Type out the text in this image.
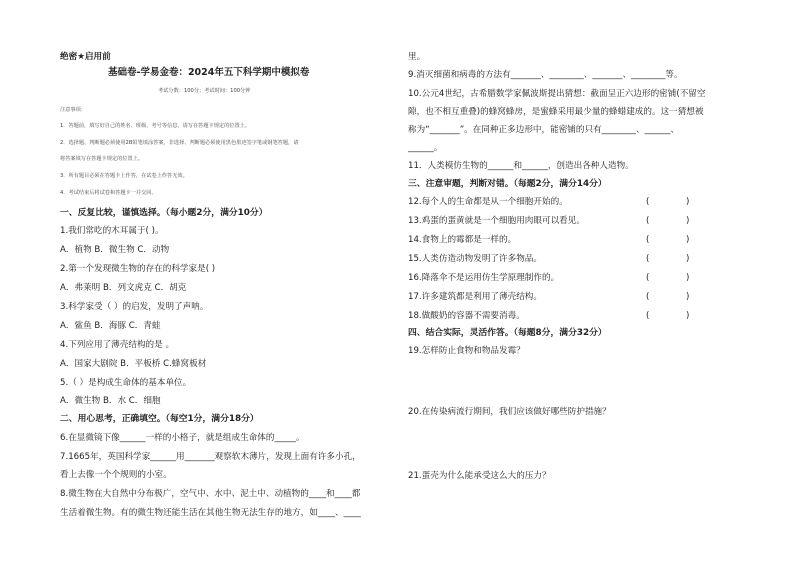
绝密★启用前
基础卷-学易金卷：2024年五下科学期中模拟卷
考试分数：100分；考试时间：100分钟
注意事项：
1．答题前，填写好自己的姓名、班级、考号等信息，请写在答题卡规定的位置上。
2．选择题、判断题必须使用2B铅笔填涂答案，非选择、判断题必须使用黑色墨迹签字笔或钢笔答题，请
将答案填写在答题卡规定的位置上。
3．所有题目必须在答题卡上作答，在试卷上作答无效。
4．考试结束后将试卷和答题卡一并交回。
一、反复比较，谨慎选择。（每小题2分，满分10分）
1.我们常吃的木耳属于( )。
A．植物 B．微生物 C．动物
2.第一个发现微生物的存在的科学家是( )
A．弗莱明 B．列文虎克 C．胡克
3.科学家受（ ）的启发，发明了声呐。
A．鲨鱼 B．海豚 C．青蛙
4.下列应用了薄壳结构的是 。
A．国家大剧院 B．平板桥 C.蜂窝板材
5.（ ）是构成生命体的基本单位。
A．微生物 B．水 C．细胞
二、用心思考，正确填空。（每空1分，满分18分）
6.在显微镜下像______一样的小格子，就是组成生命体的_____。
7.1665年，英国科学家______用_______观察软木薄片，发现上面有许多小孔，
看上去像一个个规则的小室。
8.微生物在大自然中分布极广，空气中、水中、泥土中、动植物的____和____都
生活着微生物。有的微生物还能生活在其他生物无法生存的地方，如____、____
里。
9.消灭细菌和病毒的方法有_______、________、_______、________等。
10.公元4世纪，古希腊数学家佩波斯提出猜想：截面呈正六边形的密铺(不留空
隙，也不相互重叠)的蜂窝蜂房，是蜜蜂采用最少量的蜂蜡建成的。这一猜想被
称为“_______”。在同种正多边形中，能密铺的只有________、______、
______。
11．人类模仿生物的______和______，创造出各种人造物。
三、注意审题，判断对错。（每题2分，满分14分）
12.每个人的生命都是从一个细胞开始的。	(	)
13.鸡蛋的蛋黄就是一个细胞用肉眼可以看见。	(	)
14.食物上的霉都是一样的。	(	)
15.人类仿造动物发明了许多物品。	(	)
16.降落伞不是运用仿生学原理制作的。	(	)
17.许多建筑都是利用了薄壳结构。	(	)
18.做酸奶的容器不需要消毒。	(	)
四、结合实际，灵活作答。（每题8分，满分32分）
19.怎样防止食物和物品发霉？
20.在传染病流行期间，我们应该做好哪些防护措施？
21.蛋壳为什么能承受这么大的压力？
